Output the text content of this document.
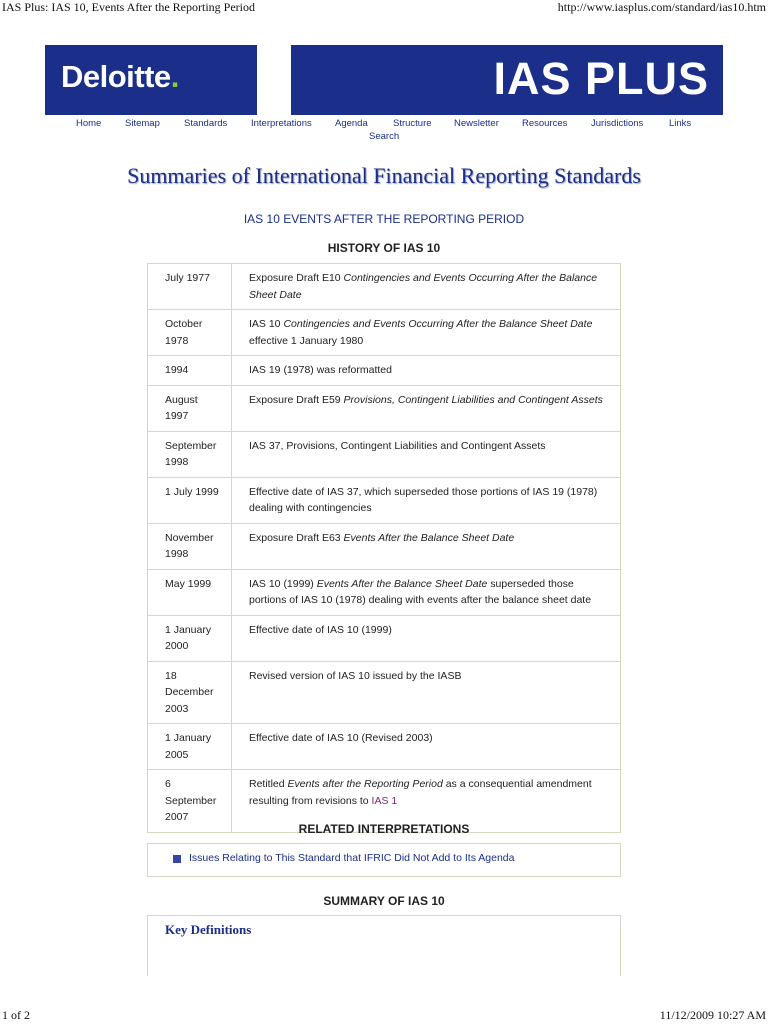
IAS Plus: IAS 10, Events After the Reporting Period	http://www.iasplus.com/standard/ias10.htm
Deloitte.	IAS PLUS
Home Sitemap	Standards Interpretations Agenda	Structure Newsletter Resources Jurisdictions	Links
Search
Summaries of International Financial Reporting Standards
IAS 10 EVENTS AFTER THE REPORTING PERIOD
HISTORY OF IAS 10
July 1977	Exposure Draft E10 Contingencies and Events Occurring After the Balance Sheet Date
October 1978	IAS 10 Contingencies and Events Occurring After the Balance Sheet Date effective 1 January 1980
1994	IAS 19 (1978) was reformatted
August 1997	Exposure Draft E59 Provisions, Contingent Liabilities and Contingent Assets
September 1998	IAS 37, Provisions, Contingent Liabilities and Contingent Assets
1 July 1999	Effective date of IAS 37, which superseded those portions of IAS 19 (1978) dealing with contingencies
November 1998	Exposure Draft E63 Events After the Balance Sheet Date
May 1999	IAS 10 (1999) Events After the Balance Sheet Date superseded those portions of IAS 10 (1978) dealing with events after the balance sheet date
1 January 2000	Effective date of IAS 10 (1999)
18 December 2003	Revised version of IAS 10 issued by the IASB
1 January 2005	Effective date of IAS 10 (Revised 2003)
6 September 2007	Retitled Events after the Reporting Period as a consequential amendment resulting from revisions to IAS 1
RELATED INTERPRETATIONS
Issues Relating to This Standard that IFRIC Did Not Add to Its Agenda
SUMMARY OF IAS 10
Key Definitions
1 of 2	11/12/2009 10:27 AM
